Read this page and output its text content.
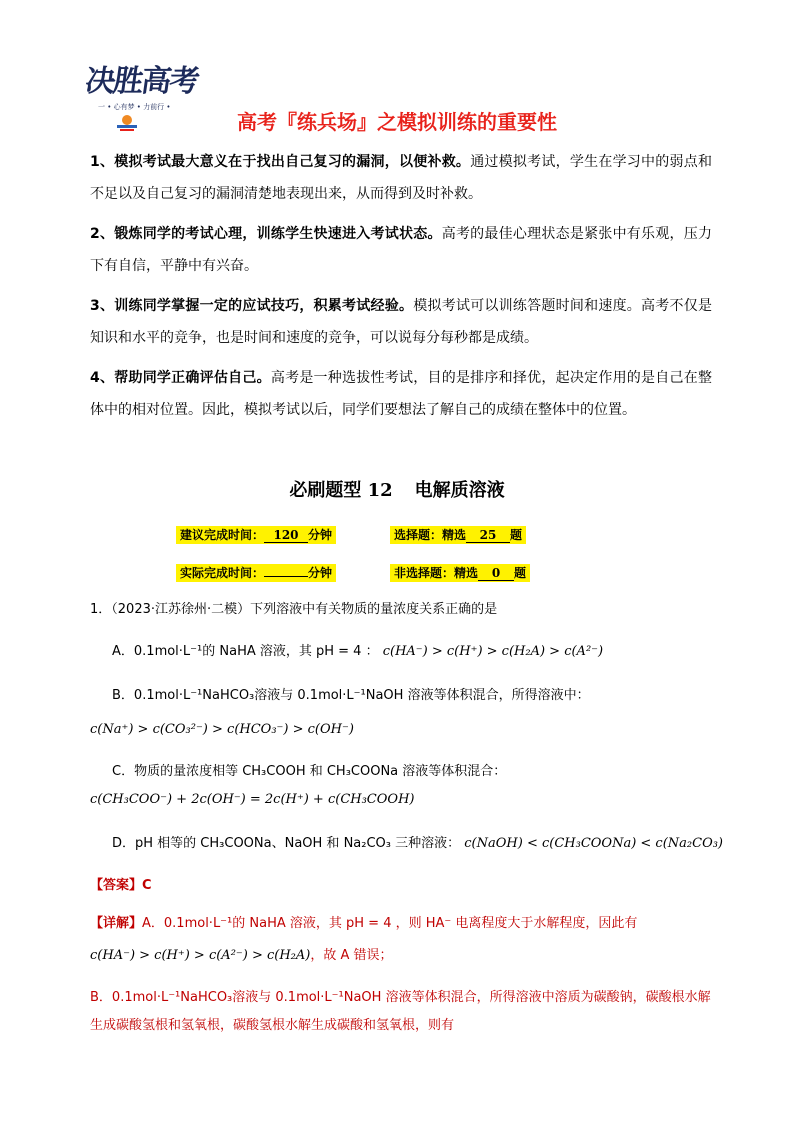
决胜高考
一 • 心有梦 • 力前行 •
高考『练兵场』之模拟训练的重要性
1、模拟考试最大意义在于找出自己复习的漏洞，以便补救。通过模拟考试，学生在学习中的弱点和不足以及自己复习的漏洞清楚地表现出来，从而得到及时补救。
2、锻炼同学的考试心理，训练学生快速进入考试状态。高考的最佳心理状态是紧张中有乐观，压力下有自信，平静中有兴奋。
3、训练同学掌握一定的应试技巧，积累考试经验。模拟考试可以训练答题时间和速度。高考不仅是知识和水平的竞争，也是时间和速度的竞争，可以说每分每秒都是成绩。
4、帮助同学正确评估自己。高考是一种选拔性考试，目的是排序和择优，起决定作用的是自己在整体中的相对位置。因此，模拟考试以后，同学们要想法了解自己的成绩在整体中的位置。
必刷题型 12 电解质溶液
建议完成时间： 120 分钟	选择题：精选 25 题
实际完成时间：	分钟	非选择题：精选 0 题
1．（2023·江苏徐州·二模）下列溶液中有关物质的量浓度关系正确的是
A．0.1mol·L⁻¹的 NaHA 溶液，其 pH = 4 ： c(HA⁻) > c(H⁺) > c(H₂A) > c(A²⁻)
B．0.1mol·L⁻¹NaHCO₃溶液与 0.1mol·L⁻¹NaOH 溶液等体积混合，所得溶液中：
c(Na⁺) > c(CO₃²⁻) > c(HCO₃⁻) > c(OH⁻)
C．物质的量浓度相等 CH₃COOH 和 CH₃COONa 溶液等体积混合：
c(CH₃COO⁻) + 2c(OH⁻) = 2c(H⁺) + c(CH₃COOH)
D．pH 相等的 CH₃COONa、NaOH 和 Na₂CO₃ 三种溶液： c(NaOH) < c(CH₃COONa) < c(Na₂CO₃)
【答案】C
【详解】A．0.1mol·L⁻¹的 NaHA 溶液，其 pH = 4 ，则 HA⁻ 电离程度大于水解程度，因此有
c(HA⁻) > c(H⁺) > c(A²⁻) > c(H₂A)，故 A 错误；
B．0.1mol·L⁻¹NaHCO₃溶液与 0.1mol·L⁻¹NaOH 溶液等体积混合，所得溶液中溶质为碳酸钠，碳酸根水解生成碳酸氢根和氢氧根，碳酸氢根水解生成碳酸和氢氧根，则有
